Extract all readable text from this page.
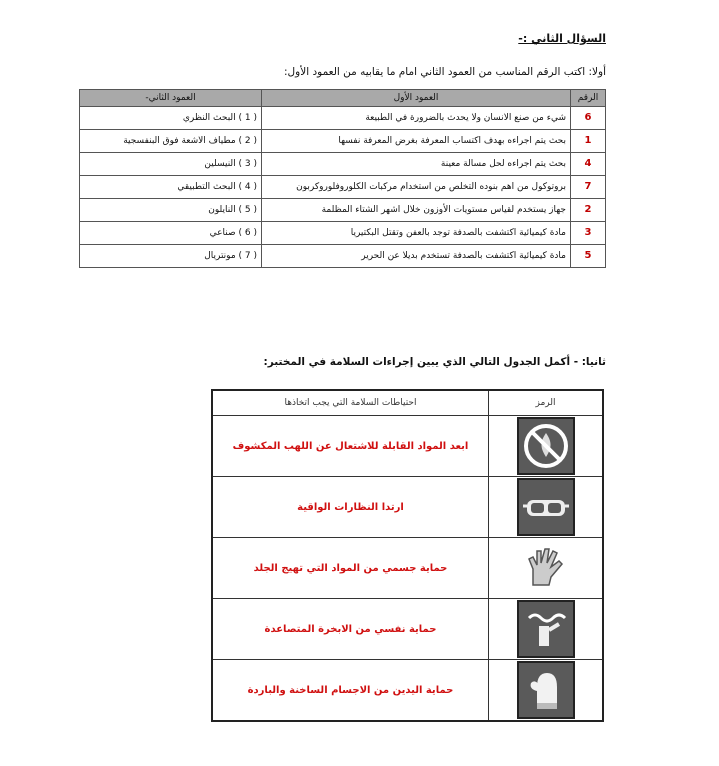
السؤال الثاني :-
أولا: اكتب الرقم المناسب من العمود الثاني امام ما يقابيه من العمود الأول:
الرقم	العمود الأول	العمود الثاني-
6	شيء من صنع الانسان ولا يحدث بالضرورة في الطبيعة	( 1 ) البحث النظري
1	بحث يتم اجراءه بهدف اكتساب المعرفة بغرض المعرفة نفسها	( 2 ) مطياف الاشعة فوق البنفسجية
4	بحث يتم اجراءه لحل مسالة معينة	( 3 ) النيسلين
7	بروتوكول من اهم بنوده التخلص من استخدام مركبات الكلوروفلوروكربون	( 4 ) البحث التطبيقي
2	جهاز يستخدم لقياس مستويات الأوزون خلال اشهر الشتاء المظلمة	( 5 ) النايلون
3	مادة كيميائية اكتشفت بالصدفة توجد بالعفن وتقتل البكتيريا	( 6 ) صناعي
5	مادة كيميائية اكتشفت بالصدفة تستخدم بديلا عن الحرير	( 7 ) مونتريال
ثانيا: - أكمل الجدول التالي الذي يبين إجراءات السلامة في المختبر:
الرمز	احتياطات السلامة التي يجب اتخاذها

	ابعد المواد القابلة للاشتعال عن اللهب المكشوف

	ارتدا النظارات الواقية

	حماية جسمي من المواد التي تهيج الجلد

	حماية نفسي من الابخرة المتصاعدة

	حماية اليدين من الاجسام الساخنة والباردة
